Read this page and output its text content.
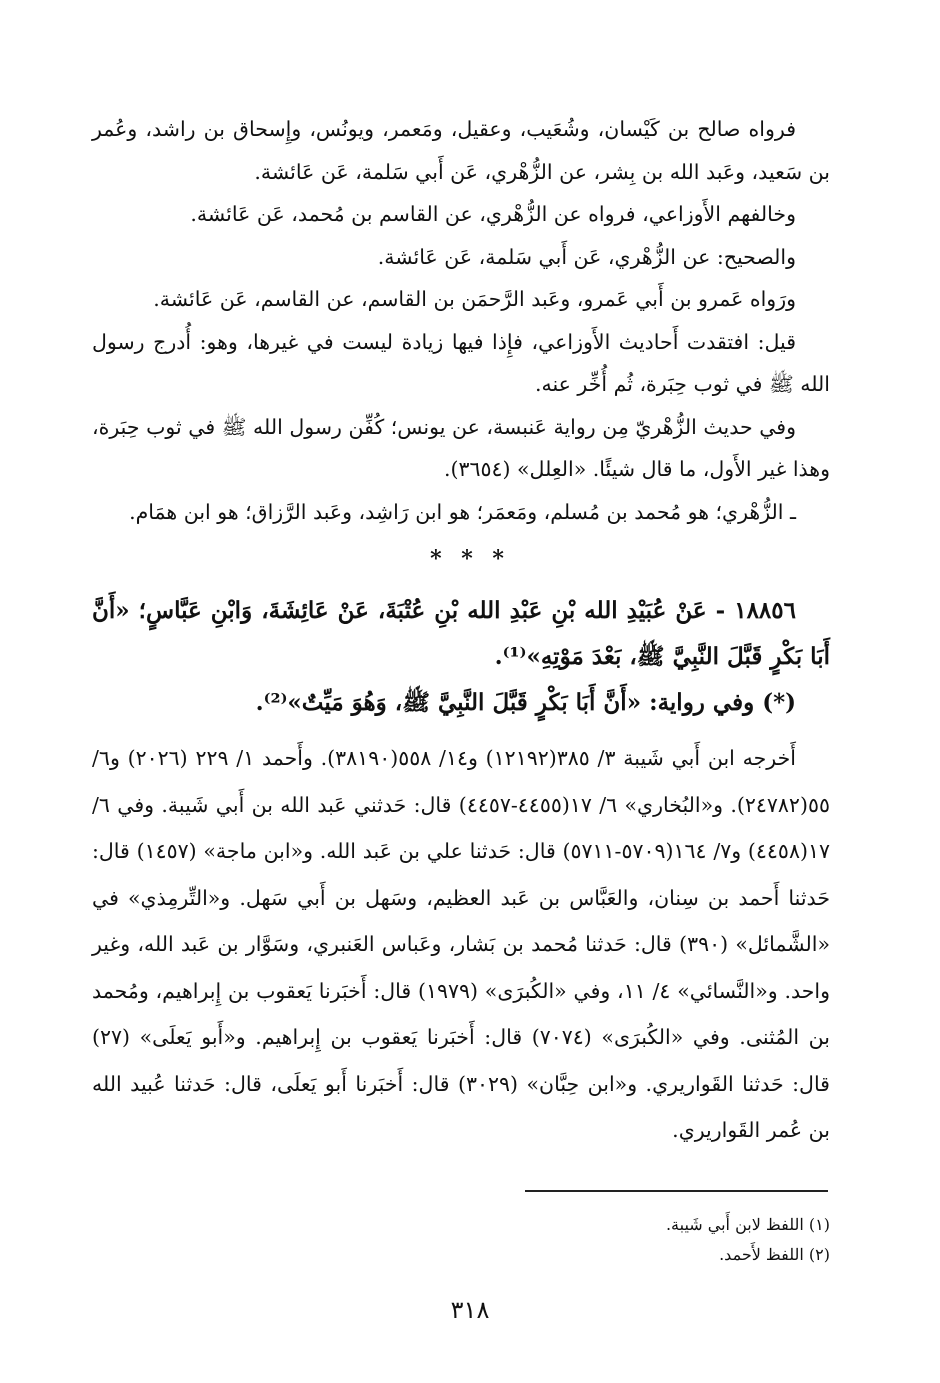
فرواه صالح بن كَيْسان، وشُعَيب، وعقيل، ومَعمر، ويونُس، وإِسحاق بن راشد، وعُمر بن سَعيد، وعَبد الله بن بِشر، عن الزُّهْري، عَن أَبي سَلمة، عَن عَائشة.

وخالفهم الأَوزاعي، فرواه عن الزُّهْري، عن القاسم بن مُحمد، عَن عَائشة.

والصحيح: عن الزُّهْري، عَن أَبي سَلمة، عَن عَائشة.

ورَواه عَمرو بن أَبي عَمرو، وعَبد الرَّحمَن بن القاسم، عن القاسم، عَن عَائشة.

قيل: افتقدت أَحاديث الأَوزاعي، فإِذا فيها زيادة ليست في غيرها، وهو: أُدرج رسول الله ﷺ في ثوب حِبَرة، ثُم أُخِّر عنه.

وفي حديث الزُّهْريّ مِن رواية عَنبسة، عن يونس؛ كُفِّن رسول الله ﷺ في ثوب حِبَرة، وهذا غير الأَول، ما قال شيئًا. «العِلل» (٣٦٥٤).

ـ الزُّهْري؛ هو مُحمد بن مُسلم، ومَعمَر؛ هو ابن رَاشِد، وعَبد الرَّزاق؛ هو ابن همَام.

* * *

١٨٨٥٦ - عَنْ عُبَيْدِ الله بْنِ عَبْدِ الله بْنِ عُتْبَةَ، عَنْ عَائِشَةَ، وَابْنِ عَبَّاسٍ؛ «أَنَّ أَبَا بَكْرٍ قَبَّلَ النَّبِيَّ ﷺ، بَعْدَ مَوْتِهِ»⁽¹⁾.

(*) وفي رواية: «أَنَّ أَبَا بَكْرٍ قَبَّلَ النَّبِيَّ ﷺ، وَهُوَ مَيِّتٌ»⁽²⁾.

أَخرجه ابن أَبي شَيبة ٣/ ٣٨٥(١٢١٩٢) و١٤/ ٥٥٨(٣٨١٩٠). وأَحمد ١/ ٢٢٩ (٢٠٢٦) و٦/ ٥٥(٢٤٧٨٢). و«البُخاري» ٦/ ١٧(٤٤٥٥-٤٤٥٧) قال: حَدثني عَبد الله بن أَبي شَيبة. وفي ٦/ ١٧(٤٤٥٨) و٧/ ١٦٤(٥٧٠٩-٥٧١١) قال: حَدثنا علي بن عَبد الله. و«ابن ماجة» (١٤٥٧) قال: حَدثنا أَحمد بن سِنان، والعَبَّاس بن عَبد العظيم، وسَهل بن أَبي سَهل. و«التِّرمِذي» في «الشَّمائل» (٣٩٠) قال: حَدثنا مُحمد بن بَشار، وعَباس العَنبري، وسَوَّار بن عَبد الله، وغير واحد. و«النَّسائي» ٤/ ١١، وفي «الكُبرَى» (١٩٧٩) قال: أَخبَرنا يَعقوب بن إِبراهيم، ومُحمد بن المُثنى. وفي «الكُبرَى» (٧٠٧٤) قال: أَخبَرنا يَعقوب بن إِبراهيم. و«أَبو يَعلَى» (٢٧) قال: حَدثنا القَواريري. و«ابن حِبَّان» (٣٠٢٩) قال: أَخبَرنا أَبو يَعلَى، قال: حَدثنا عُبيد الله بن عُمر القَواريري.

(١) اللفظ لابن أَبي شَيبة.

(٢) اللفظ لأَحمد.

٣١٨
